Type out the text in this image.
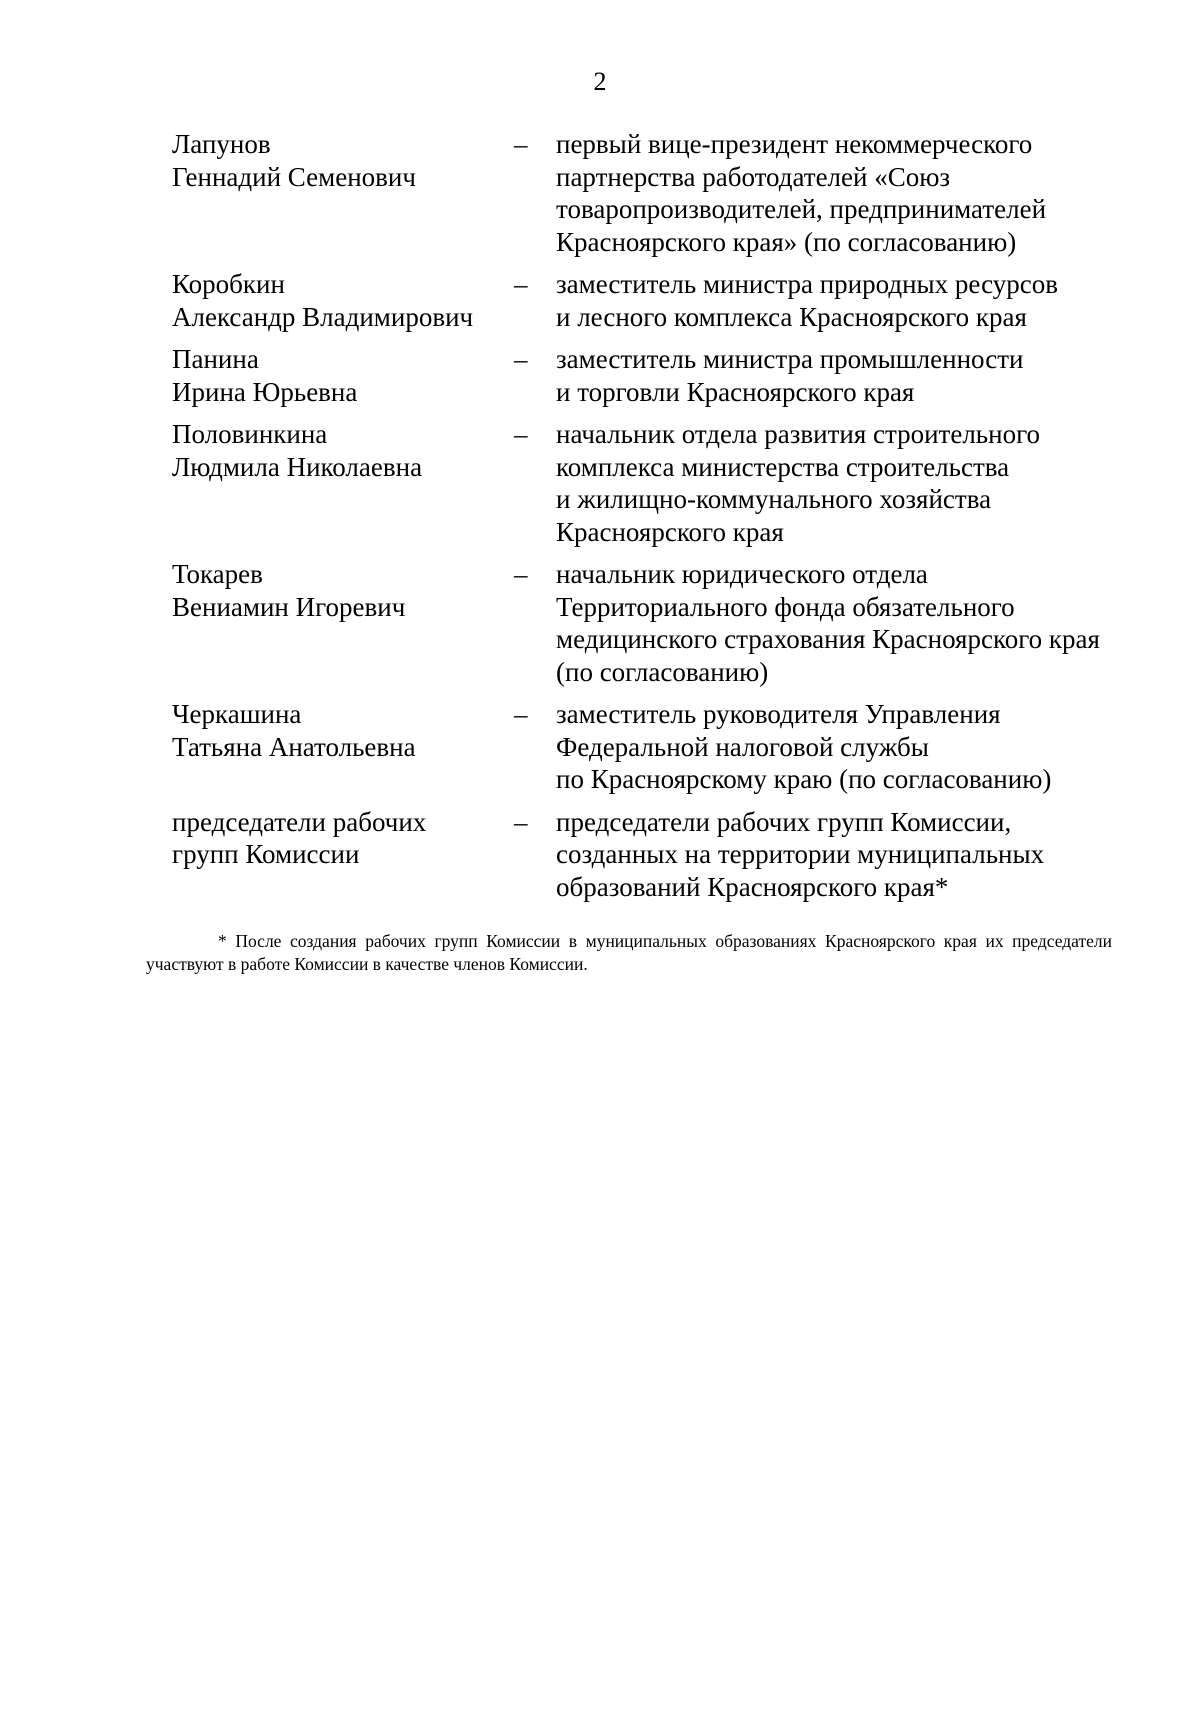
2
Лапунов
Геннадий Семенович
–	первый вице-президент некоммерческого
партнерства работодателей «Союз
товаропроизводителей, предпринимателей
Красноярского края» (по согласованию)
Коробкин
Александр Владимирович
–	заместитель министра природных ресурсов
и лесного комплекса Красноярского края
Панина
Ирина Юрьевна
–	заместитель министра промышленности
и торговли Красноярского края
Половинкина
Людмила Николаевна
–	начальник отдела развития строительного
комплекса министерства строительства
и жилищно-коммунального хозяйства
Красноярского края
Токарев
Вениамин Игоревич
–	начальник юридического отдела
Территориального фонда обязательного
медицинского страхования Красноярского края
(по согласованию)
Черкашина
Татьяна Анатольевна
–	заместитель руководителя Управления
Федеральной налоговой службы
по Красноярскому краю (по согласованию)
председатели рабочих
групп Комиссии
–	председатели рабочих групп Комиссии,
созданных на территории муниципальных
образований Красноярского края*
* После создания рабочих групп Комиссии в муниципальных образованиях Красноярского края их председатели участвуют в работе Комиссии в качестве членов Комиссии.
